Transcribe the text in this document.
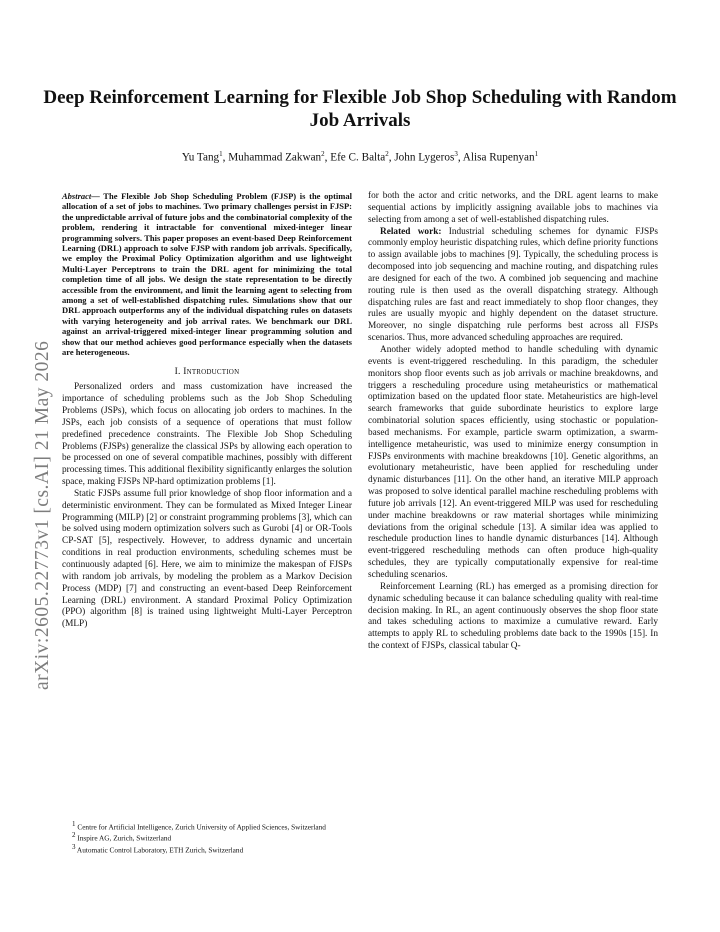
Deep Reinforcement Learning for Flexible Job Shop Scheduling with Random Job Arrivals
Yu Tang$^1$, Muhammad Zakwan$^2$, Efe C. Balta$^2$, John Lygeros$^3$, Alisa Rupenyan$^1$
arXiv:2605.22773v1 [cs.AI] 21 May 2026
Abstract— The Flexible Job Shop Scheduling Problem (FJSP) is the optimal allocation of a set of jobs to machines. Two primary challenges persist in FJSP: the unpredictable arrival of future jobs and the combinatorial complexity of the problem, rendering it intractable for conventional mixed-integer linear programming solvers. This paper proposes an event-based Deep Reinforcement Learning (DRL) approach to solve FJSP with random job arrivals. Specifically, we employ the Proximal Policy Optimization algorithm and use lightweight Multi-Layer Perceptrons to train the DRL agent for minimizing the total completion time of all jobs. We design the state representation to be directly accessible from the environment, and limit the learning agent to selecting from among a set of well-established dispatching rules. Simulations show that our DRL approach outperforms any of the individual dispatching rules on datasets with varying heterogeneity and job arrival rates. We benchmark our DRL against an arrival-triggered mixed-integer linear programming solution and show that our method achieves good performance especially when the datasets are heterogeneous.
I. Introduction

Personalized orders and mass customization have increased the importance of scheduling problems such as the Job Shop Scheduling Problems (JSPs), which focus on allocating job orders to machines. In the JSPs, each job consists of a sequence of operations that must follow predefined precedence constraints. The Flexible Job Shop Scheduling Problems (FJSPs) generalize the classical JSPs by allowing each operation to be processed on one of several compatible machines, possibly with different processing times. This additional flexibility significantly enlarges the solution space, making FJSPs NP-hard optimization problems [1].

Static FJSPs assume full prior knowledge of shop floor information and a deterministic environment. They can be formulated as Mixed Integer Linear Programming (MILP) [2] or constraint programming problems [3], which can be solved using modern optimization solvers such as Gurobi [4] or OR-Tools CP-SAT [5], respectively. However, to address dynamic and uncertain conditions in real production environments, scheduling schemes must be continuously adapted [6]. Here, we aim to minimize the makespan of FJSPs with random job arrivals, by modeling the problem as a Markov Decision Process (MDP) [7] and constructing an event-based Deep Reinforcement Learning (DRL) environment. A standard Proximal Policy Optimization (PPO) algorithm [8] is trained using lightweight Multi-Layer Perceptron (MLP)

$^1$ Centre for Artificial Intelligence, Zurich University of Applied Sciences, Switzerland
$^2$ Inspire AG, Zurich, Switzerland
$^3$ Automatic Control Laboratory, ETH Zurich, Switzerland

for both the actor and critic networks, and the DRL agent learns to make sequential actions by implicitly assigning available jobs to machines via selecting from among a set of well-established dispatching rules.

Related work: Industrial scheduling schemes for dynamic FJSPs commonly employ heuristic dispatching rules, which define priority functions to assign available jobs to machines [9]. Typically, the scheduling process is decomposed into job sequencing and machine routing, and dispatching rules are designed for each of the two. A combined job sequencing and machine routing rule is then used as the overall dispatching strategy. Although dispatching rules are fast and react immediately to shop floor changes, they rules are usually myopic and highly dependent on the dataset structure. Moreover, no single dispatching rule performs best across all FJSPs scenarios. Thus, more advanced scheduling approaches are required.

Another widely adopted method to handle scheduling with dynamic events is event-triggered rescheduling. In this paradigm, the scheduler monitors shop floor events such as job arrivals or machine breakdowns, and triggers a rescheduling procedure using metaheuristics or mathematical optimization based on the updated floor state. Metaheuristics are high-level search frameworks that guide subordinate heuristics to explore large combinatorial solution spaces efficiently, using stochastic or population-based mechanisms. For example, particle swarm optimization, a swarm-intelligence metaheuristic, was used to minimize energy consumption in FJSPs environments with machine breakdowns [10]. Genetic algorithms, an evolutionary metaheuristic, have been applied for rescheduling under dynamic disturbances [11]. On the other hand, an iterative MILP approach was proposed to solve identical parallel machine rescheduling problems with future job arrivals [12]. An event-triggered MILP was used for rescheduling under machine breakdowns or raw material shortages while minimizing deviations from the original schedule [13]. A similar idea was applied to reschedule production lines to handle dynamic disturbances [14]. Although event-triggered rescheduling methods can often produce high-quality schedules, they are typically computationally expensive for real-time scheduling scenarios.

Reinforcement Learning (RL) has emerged as a promising direction for dynamic scheduling because it can balance scheduling quality with real-time decision making. In RL, an agent continuously observes the shop floor state and takes scheduling actions to maximize a cumulative reward. Early attempts to apply RL to scheduling problems date back to the 1990s [15]. In the context of FJSPs, classical tabular Q-
